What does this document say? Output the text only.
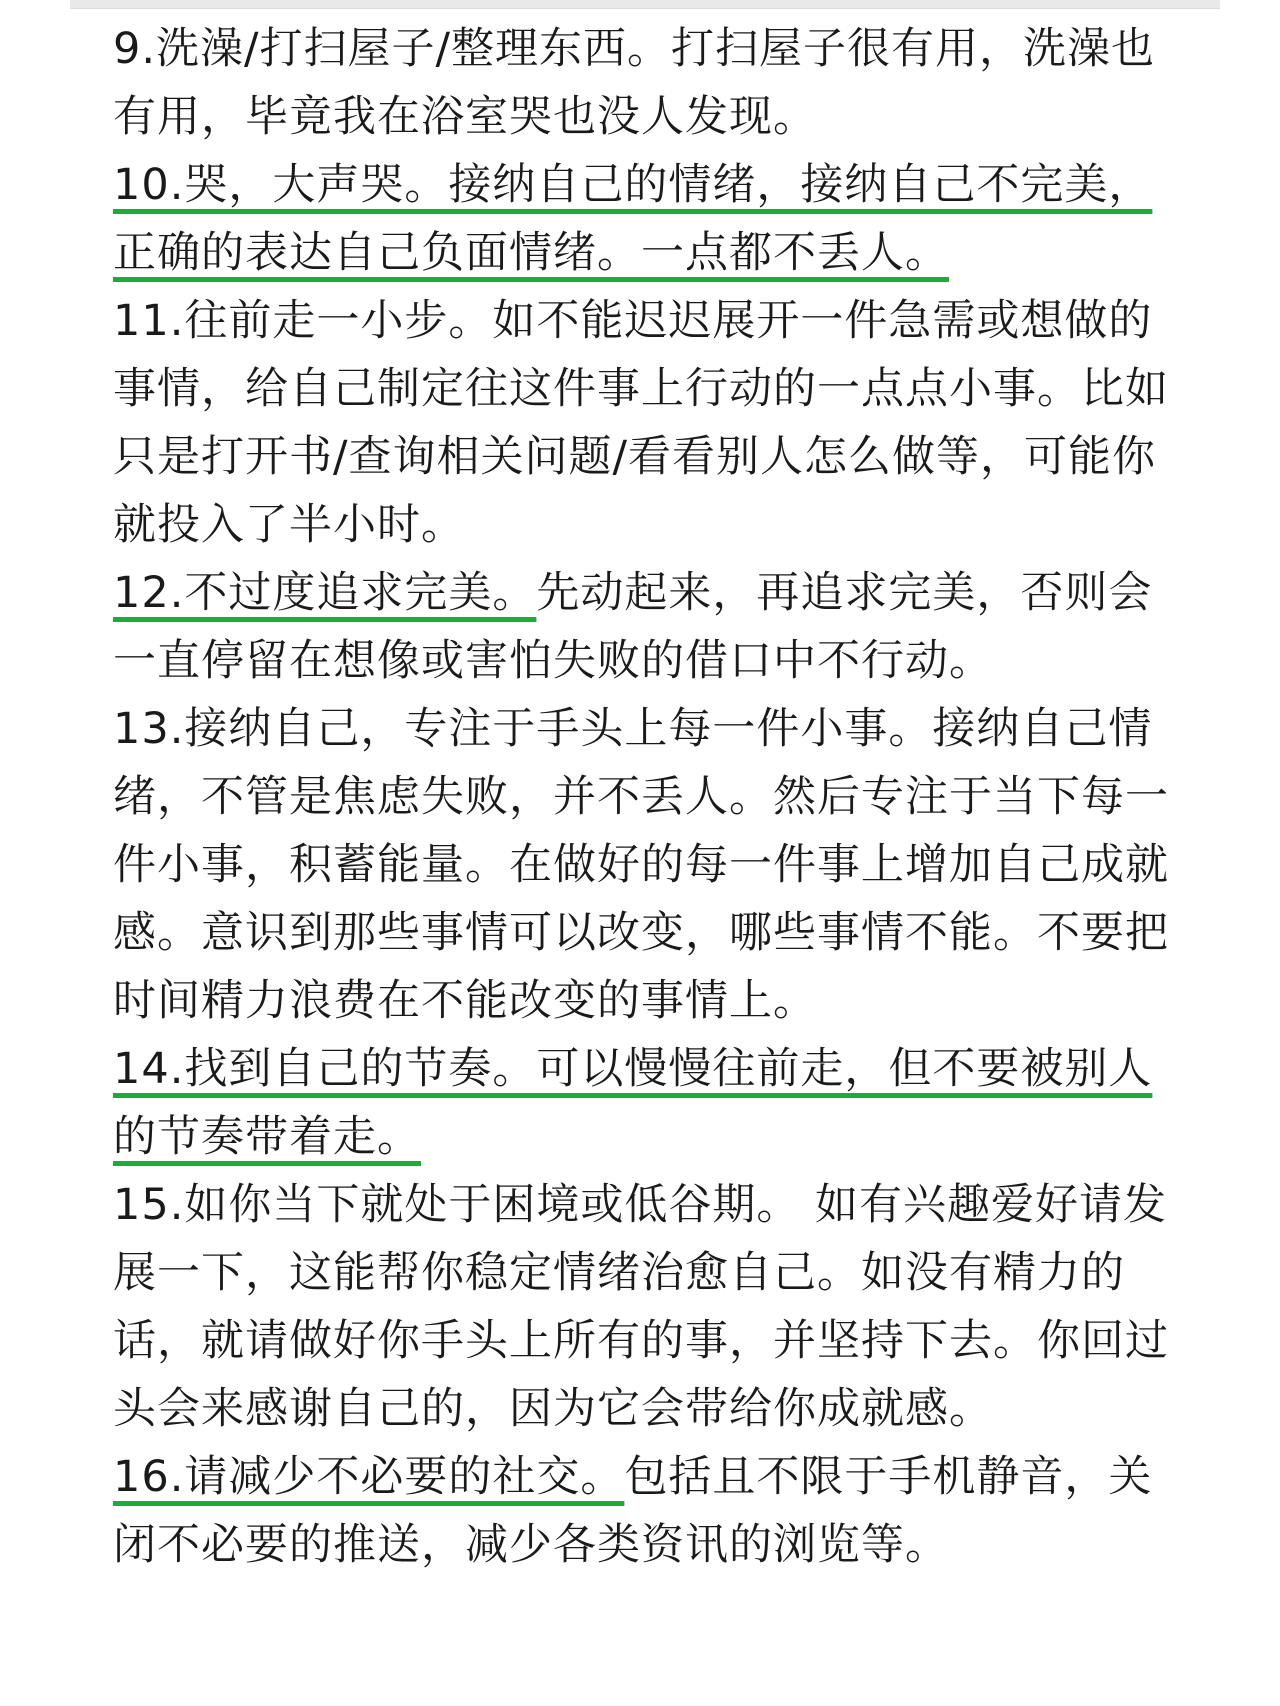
9.洗澡/打扫屋子/整理东西。打扫屋子很有用，洗澡也有用，毕竟我在浴室哭也没人发现。

10.哭，大声哭。接纳自己的情绪，接纳自己不完美，正确的表达自己负面情绪。一点都不丢人。

11.往前走一小步。如不能迟迟展开一件急需或想做的事情，给自己制定往这件事上行动的一点点小事。比如只是打开书/查询相关问题/看看别人怎么做等，可能你就投入了半小时。

12.不过度追求完美。先动起来，再追求完美，否则会一直停留在想像或害怕失败的借口中不行动。

13.接纳自己，专注于手头上每一件小事。接纳自己情绪，不管是焦虑失败，并不丢人。然后专注于当下每一件小事，积蓄能量。在做好的每一件事上增加自己成就感。意识到那些事情可以改变，哪些事情不能。不要把时间精力浪费在不能改变的事情上。

14.找到自己的节奏。可以慢慢往前走，但不要被别人的节奏带着走。

15.如你当下就处于困境或低谷期。 如有兴趣爱好请发展一下，这能帮你稳定情绪治愈自己。如没有精力的话，就请做好你手头上所有的事，并坚持下去。你回过头会来感谢自己的，因为它会带给你成就感。

16.请减少不必要的社交。包括且不限于手机静音，关闭不必要的推送，减少各类资讯的浏览等。
